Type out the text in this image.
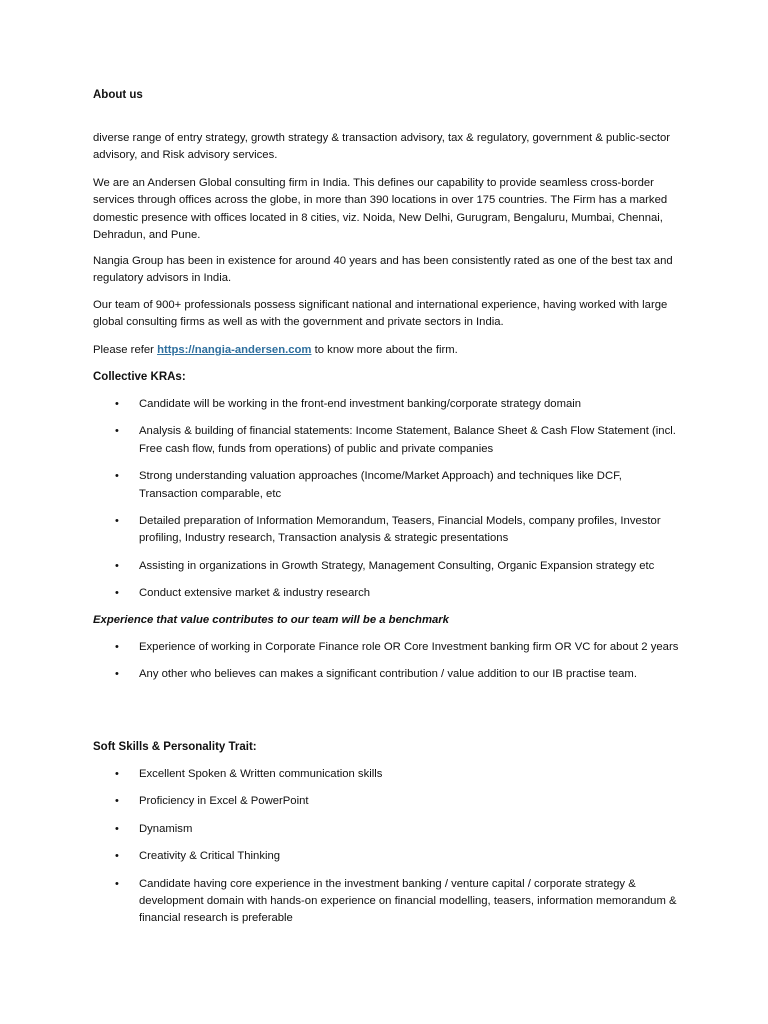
About us

diverse range of entry strategy, growth strategy & transaction advisory, tax & regulatory, government & public-sector advisory, and Risk advisory services.

We are an Andersen Global consulting firm in India. This defines our capability to provide seamless cross-border services through offices across the globe, in more than 390 locations in over 175 countries. The Firm has a marked domestic presence with offices located in 8 cities, viz. Noida, New Delhi, Gurugram, Bengaluru, Mumbai, Chennai, Dehradun, and Pune.

Nangia Group has been in existence for around 40 years and has been consistently rated as one of the best tax and regulatory advisors in India.

Our team of 900+ professionals possess significant national and international experience, having worked with large global consulting firms as well as with the government and private sectors in India.

Please refer https://nangia-andersen.com to know more about the firm.

Collective KRAs:

• Candidate will be working in the front-end investment banking/corporate strategy domain
• Analysis & building of financial statements: Income Statement, Balance Sheet & Cash Flow Statement (incl. Free cash flow, funds from operations) of public and private companies
• Strong understanding valuation approaches (Income/Market Approach) and techniques like DCF, Transaction comparable, etc
• Detailed preparation of Information Memorandum, Teasers, Financial Models, company profiles, Investor profiling, Industry research, Transaction analysis & strategic presentations
• Assisting in organizations in Growth Strategy, Management Consulting, Organic Expansion strategy etc
• Conduct extensive market & industry research

Experience that value contributes to our team will be a benchmark

• Experience of working in Corporate Finance role OR Core Investment banking firm OR VC for about 2 years
• Any other who believes can makes a significant contribution / value addition to our IB practise team.

Soft Skills & Personality Trait:

• Excellent Spoken & Written communication skills
• Proficiency in Excel & PowerPoint
• Dynamism
• Creativity & Critical Thinking
• Candidate having core experience in the investment banking / venture capital / corporate strategy & development domain with hands-on experience on financial modelling, teasers, information memorandum & financial research is preferable
